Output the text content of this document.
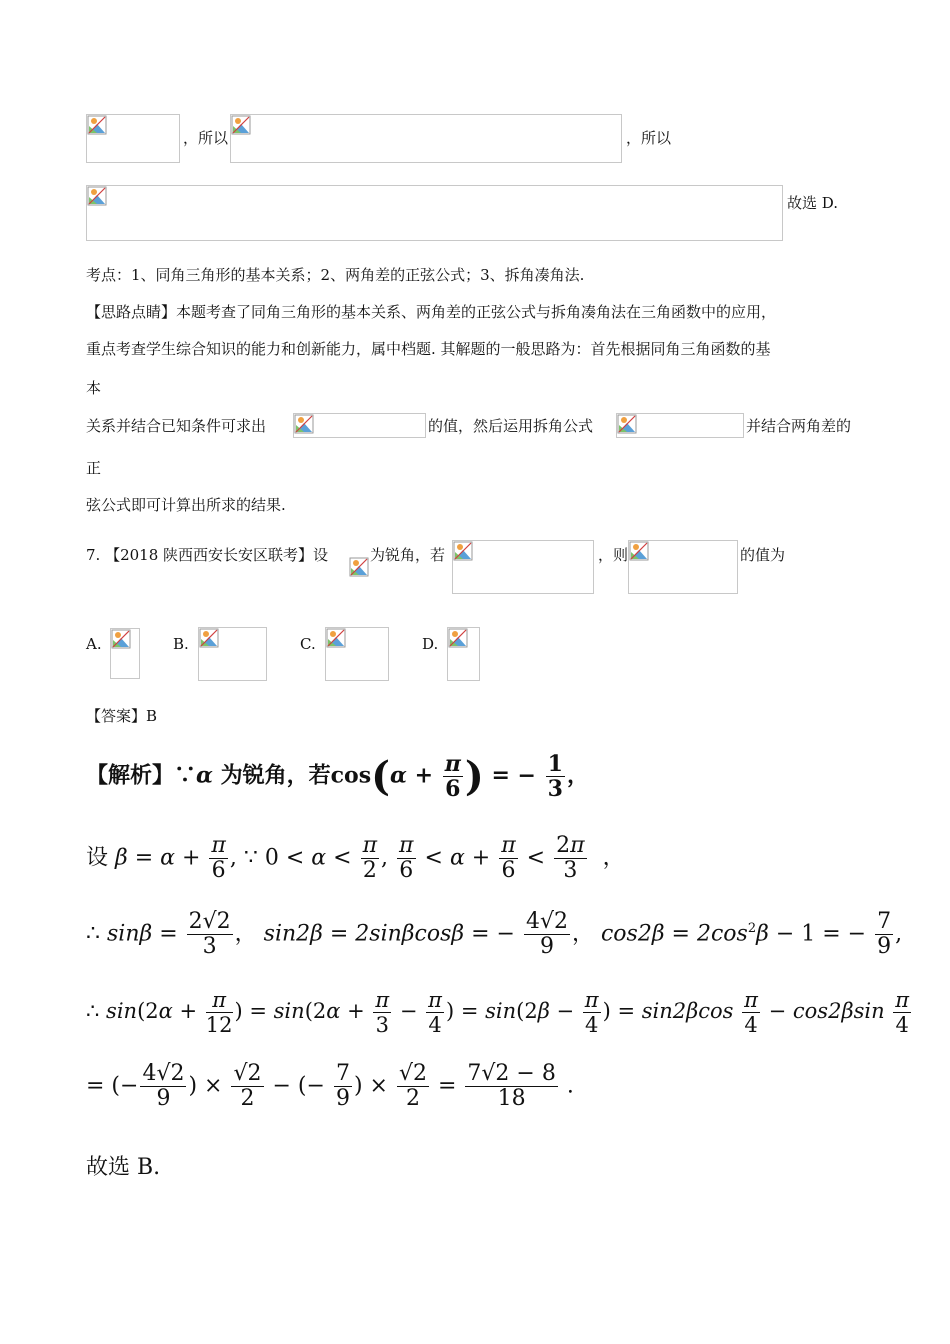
，所以	，所以
故选 D.
考点：1、同角三角形的基本关系；2、两角差的正弦公式；3、拆角凑角法.
【思路点睛】本题考查了同角三角形的基本关系、两角差的正弦公式与拆角凑角法在三角函数中的应用，
重点考查学生综合知识的能力和创新能力，属中档题. 其解题的一般思路为：首先根据同角三角函数的基
本
关系并结合已知条件可求出	的值，然后运用拆角公式	并结合两角差的
正
弦公式即可计算出所求的结果.
7. 【2018 陕西西安长安区联考】设	为锐角，若	，则	的值为
A.	B.	C.	D.
【答案】B
【解析】∵α 为锐角，若$\cos(\alpha + \frac{\pi}{6}$ ) = − $\frac{1}{3}$ ，
设 $\beta = \alpha + \frac{\pi}{6}$ , ∵ $0 < \alpha < \frac{\pi}{2}$ , $\frac{\pi}{6} < \alpha + \frac{\pi}{6} < \frac{2\pi}{3}$ ，
∴ $\sin\beta = \frac{2√2}{3}$ ， sin2β = 2sinβcosβ = − $\frac{4√2}{9}$ ， $\cos 2\beta = 2\cos^2\beta - 1$ = − $\frac{7}{9}$ ,
∴ $\sin(2\alpha + \frac{\pi}{12}$ ) = $\sin(2\alpha + \frac{\pi}{3} - \frac{\pi}{4}$ ) = $\sin(2\beta - \frac{\pi}{4}$ ) = $\sin 2\beta\cos \frac{\pi}{4} - \cos 2\beta\sin \frac{\pi}{4}$
= (− $\frac{4√2}{9}$ ) × $\frac{√2}{2}$ − (− $\frac{7}{9}$ ) × $\frac{√2}{2} = \frac{7√2 - 8}{18}$ .
故选 B.
